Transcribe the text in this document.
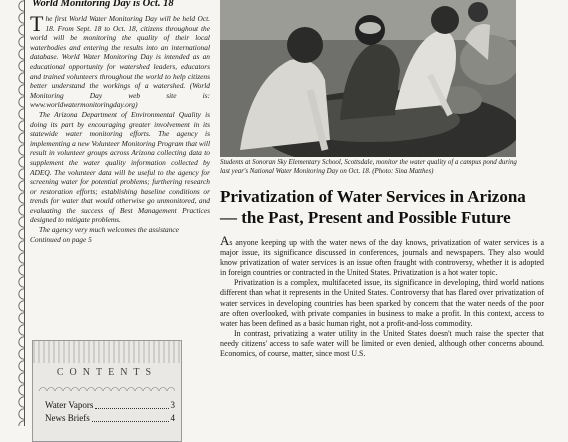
World Monitoring Day is Oct. 18

The first World Water Monitoring Day will be held Oct. 18. From Sept. 18 to Oct. 18, citizens throughout the world will be monitoring the quality of their local waterbodies and entering the results into an international database. World Water Monitoring Day is intended as an educational opportunity for watershed leaders, educators and trained volunteers throughout the world to help citizens better understand the workings of a watershed. (World Monitoring Day web site is: www.worldwatermonitoringday.org)

The Arizona Department of Environmental Quality is doing its part by encouraging greater involvement in its statewide water monitoring efforts. The agency is implementing a new Volunteer Monitoring Program that will result in volunteer groups across Arizona collecting data to supplement the water quality information collected by ADEQ. The volunteer data will be useful to the agency for screening water for potential problems; furthering research or restoration efforts; establishing baseline conditions or trends for water that would otherwise go unmonitored, and evaluating the success of Best Management Practices designed to mitigate problems.

The agency very much welcomes the assistance

Continued on page 5

CONTENTS
Water Vapors	3
News Briefs	4
Students at Sonoran Sky Elementary School, Scottsdale, monitor the water quality of a campus pond during last year's National Water Monitoring Day on Oct. 18. (Photo: Sina Matthes)
Privatization of Water Services in Arizona — the Past, Present and Possible Future

As anyone keeping up with the water news of the day knows, privatization of water services is a major issue, its significance discussed in conferences, journals and newspapers. They also would know privatization of water services is an issue often fraught with controversy, whether it is adopted in foreign countries or contracted in the United States. Privatization is a hot water topic.

Privatization is a complex, multifaceted issue, its significance in developing, third world nations different than what it represents in the United States. Controversy that has flared over privatization of water services in developing countries has been sparked by concern that the water needs of the poor are often overlooked, with private companies in business to make a profit. In this context, access to water has been defined as a basic human right, not a profit-and-loss commodity.

In contrast, privatizing a water utility in the United States doesn't much raise the specter that needy citizens' access to safe water will be limited or even denied, although other concerns abound. Economics, of course, matter, since most U.S.
